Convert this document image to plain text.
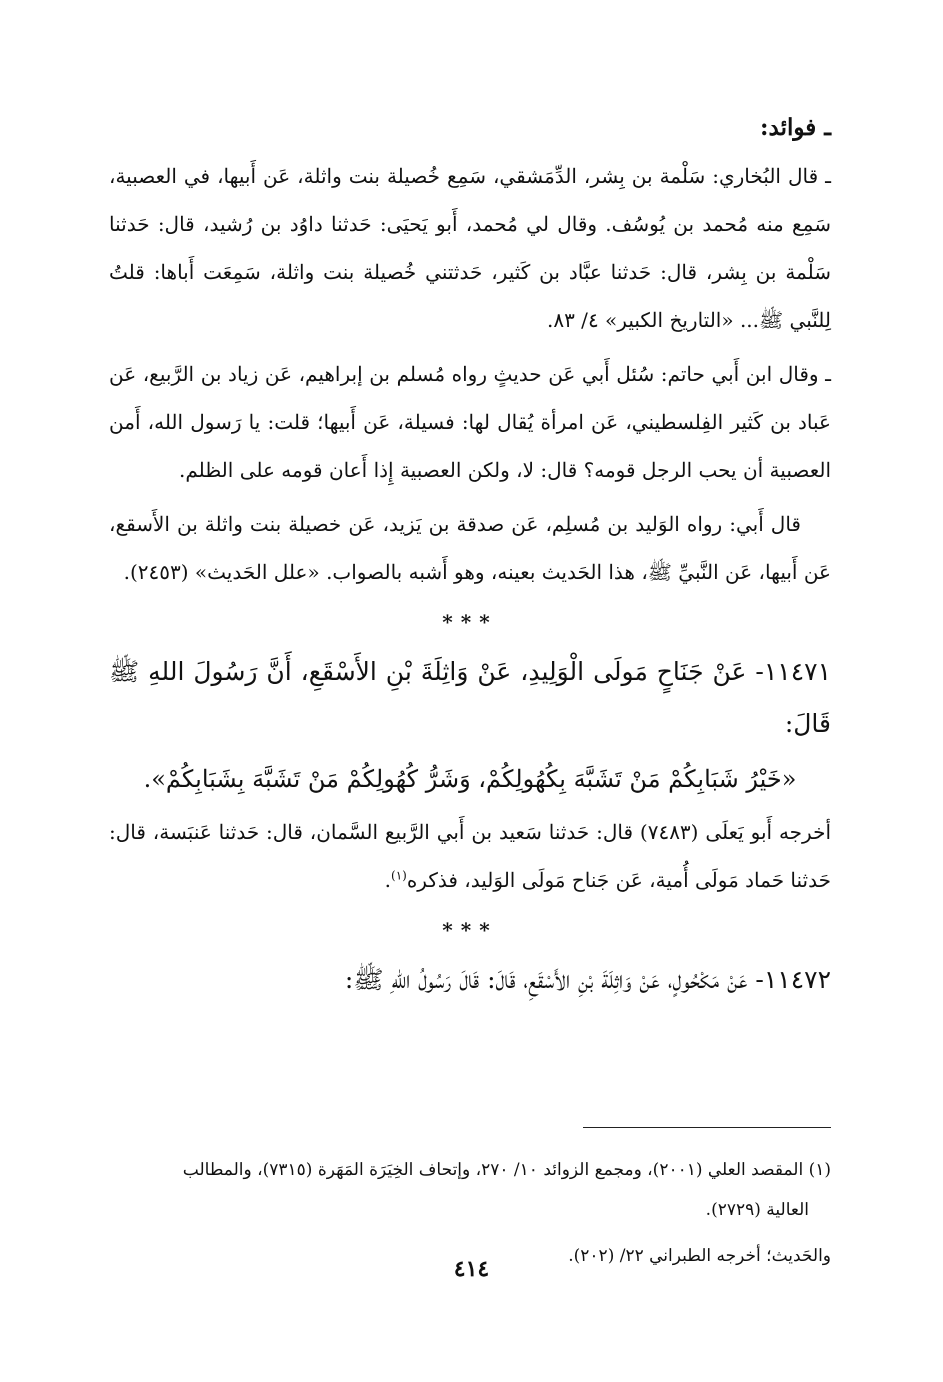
ـ فوائد:

ـ قال البُخاري: سَلْمة بن بِشر، الدِّمَشقي، سَمِع خُصيلة بنت واثلة، عَن أَبيها، في العصبية، سَمِع منه مُحمد بن يُوسُف. وقال لي مُحمد، أَبو يَحيَى: حَدثنا داوُد بن رُشيد، قال: حَدثنا سَلْمة بن بِشر، قال: حَدثنا عبَّاد بن كَثير، حَدثتني خُصيلة بنت واثلة، سَمِعَت أَباها: قلتُ لِلنَّبي ﷺ... «التاريخ الكبير» ٤/ ٨٣.

ـ وقال ابن أَبي حاتم: سُئل أَبي عَن حديثٍ رواه مُسلم بن إبراهيم، عَن زياد بن الرَّبيع، عَن عَباد بن كَثير الفِلسطيني، عَن امرأة يُقال لها: فسيلة، عَن أَبيها؛ قلت: يا رَسول الله، أَمن العصبية أن يحب الرجل قومه؟ قال: لا، ولكن العصبية إِذا أَعان قومه على الظلم.

قال أَبي: رواه الوَليد بن مُسلِم، عَن صدقة بن يَزيد، عَن خصيلة بنت واثلة بن الأَسقع، عَن أَبيها، عَن النَّبيِّ ﷺ، هذا الحَديث بعينه، وهو أَشبه بالصواب. «علل الحَديث» (٢٤٥٣).

***

١١٤٧١- عَنْ جَنَاحٍ مَولَى الْوَلِيدِ، عَنْ وَاثِلَةَ بْنِ الأَسْقَعِ، أَنَّ رَسُولَ اللهِ ﷺ قَالَ:

«خَيْرُ شَبَابِكُمْ مَنْ تَشَبَّهَ بِكُهُولِكُمْ، وَشَرُّ كُهُولِكُمْ مَنْ تَشَبَّهَ بِشَبَابِكُمْ».

أخرجه أَبو يَعلَى (٧٤٨٣) قال: حَدثنا سَعيد بن أَبي الرَّبيع السَّمان، قال: حَدثنا عَنبَسة، قال: حَدثنا حَماد مَولَى أُمية، عَن جَناح مَولَى الوَليد، فذكره$^{(١)}$.

***

١١٤٧٢- عَنْ مَكْحُولٍ، عَنْ وَاثِلَةَ بْنِ الأَسْقَعِ، قَالَ: قَالَ رَسُولُ اللهِ ﷺ:

(١) المقصد العلي (٢٠٠١)، ومجمع الزوائد ١٠/ ٢٧٠، وإتحاف الخِيَرَة المَهَرة (٧٣١٥)، والمطالب

العالية (٢٧٢٩).

والحَديث؛ أخرجه الطبراني ٢٢/ (٢٠٢).

٤١٤
